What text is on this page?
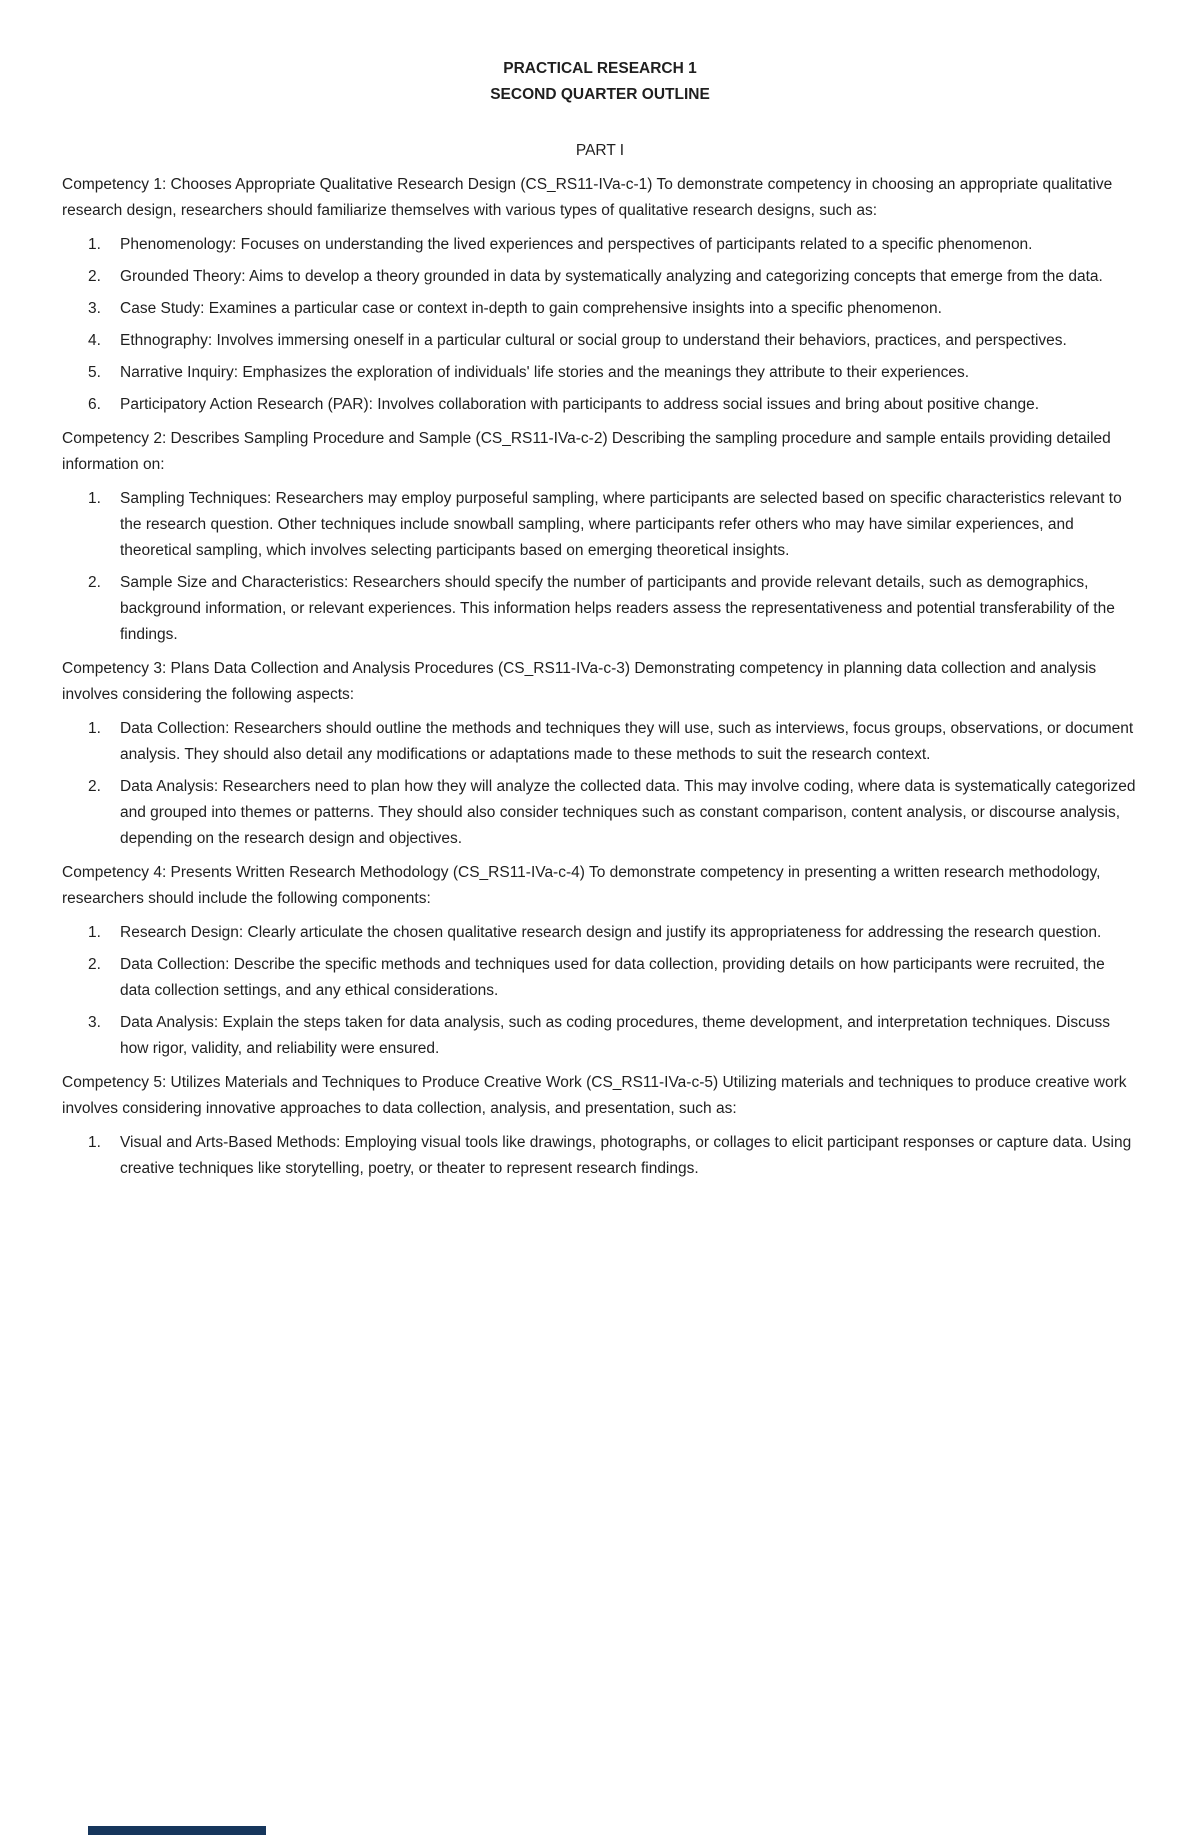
PRACTICAL RESEARCH 1
SECOND QUARTER OUTLINE
PART I

Competency 1: Chooses Appropriate Qualitative Research Design (CS_RS11-IVa-c-1) To demonstrate competency in choosing an appropriate qualitative research design, researchers should familiarize themselves with various types of qualitative research designs, such as:

1.	Phenomenology: Focuses on understanding the lived experiences and perspectives of participants related to a specific phenomenon.
2.	Grounded Theory: Aims to develop a theory grounded in data by systematically analyzing and categorizing concepts that emerge from the data.
3.	Case Study: Examines a particular case or context in-depth to gain comprehensive insights into a specific phenomenon.
4.	Ethnography: Involves immersing oneself in a particular cultural or social group to understand their behaviors, practices, and perspectives.
5.	Narrative Inquiry: Emphasizes the exploration of individuals' life stories and the meanings they attribute to their experiences.
6.	Participatory Action Research (PAR): Involves collaboration with participants to address social issues and bring about positive change.

Competency 2: Describes Sampling Procedure and Sample (CS_RS11-IVa-c-2) Describing the sampling procedure and sample entails providing detailed information on:

1.	Sampling Techniques: Researchers may employ purposeful sampling, where participants are selected based on specific characteristics relevant to the research question. Other techniques include snowball sampling, where participants refer others who may have similar experiences, and theoretical sampling, which involves selecting participants based on emerging theoretical insights.
2.	Sample Size and Characteristics: Researchers should specify the number of participants and provide relevant details, such as demographics, background information, or relevant experiences. This information helps readers assess the representativeness and potential transferability of the findings.

Competency 3: Plans Data Collection and Analysis Procedures (CS_RS11-IVa-c-3) Demonstrating competency in planning data collection and analysis involves considering the following aspects:

1.	Data Collection: Researchers should outline the methods and techniques they will use, such as interviews, focus groups, observations, or document analysis. They should also detail any modifications or adaptations made to these methods to suit the research context.
2.	Data Analysis: Researchers need to plan how they will analyze the collected data. This may involve coding, where data is systematically categorized and grouped into themes or patterns. They should also consider techniques such as constant comparison, content analysis, or discourse analysis, depending on the research design and objectives.

Competency 4: Presents Written Research Methodology (CS_RS11-IVa-c-4) To demonstrate competency in presenting a written research methodology, researchers should include the following components:

1.	Research Design: Clearly articulate the chosen qualitative research design and justify its appropriateness for addressing the research question.
2.	Data Collection: Describe the specific methods and techniques used for data collection, providing details on how participants were recruited, the data collection settings, and any ethical considerations.
3.	Data Analysis: Explain the steps taken for data analysis, such as coding procedures, theme development, and interpretation techniques. Discuss how rigor, validity, and reliability were ensured.

Competency 5: Utilizes Materials and Techniques to Produce Creative Work (CS_RS11-IVa-c-5) Utilizing materials and techniques to produce creative work involves considering innovative approaches to data collection, analysis, and presentation, such as:

1.	Visual and Arts-Based Methods: Employing visual tools like drawings, photographs, or collages to elicit participant responses or capture data. Using creative techniques like storytelling, poetry, or theater to represent research findings.
